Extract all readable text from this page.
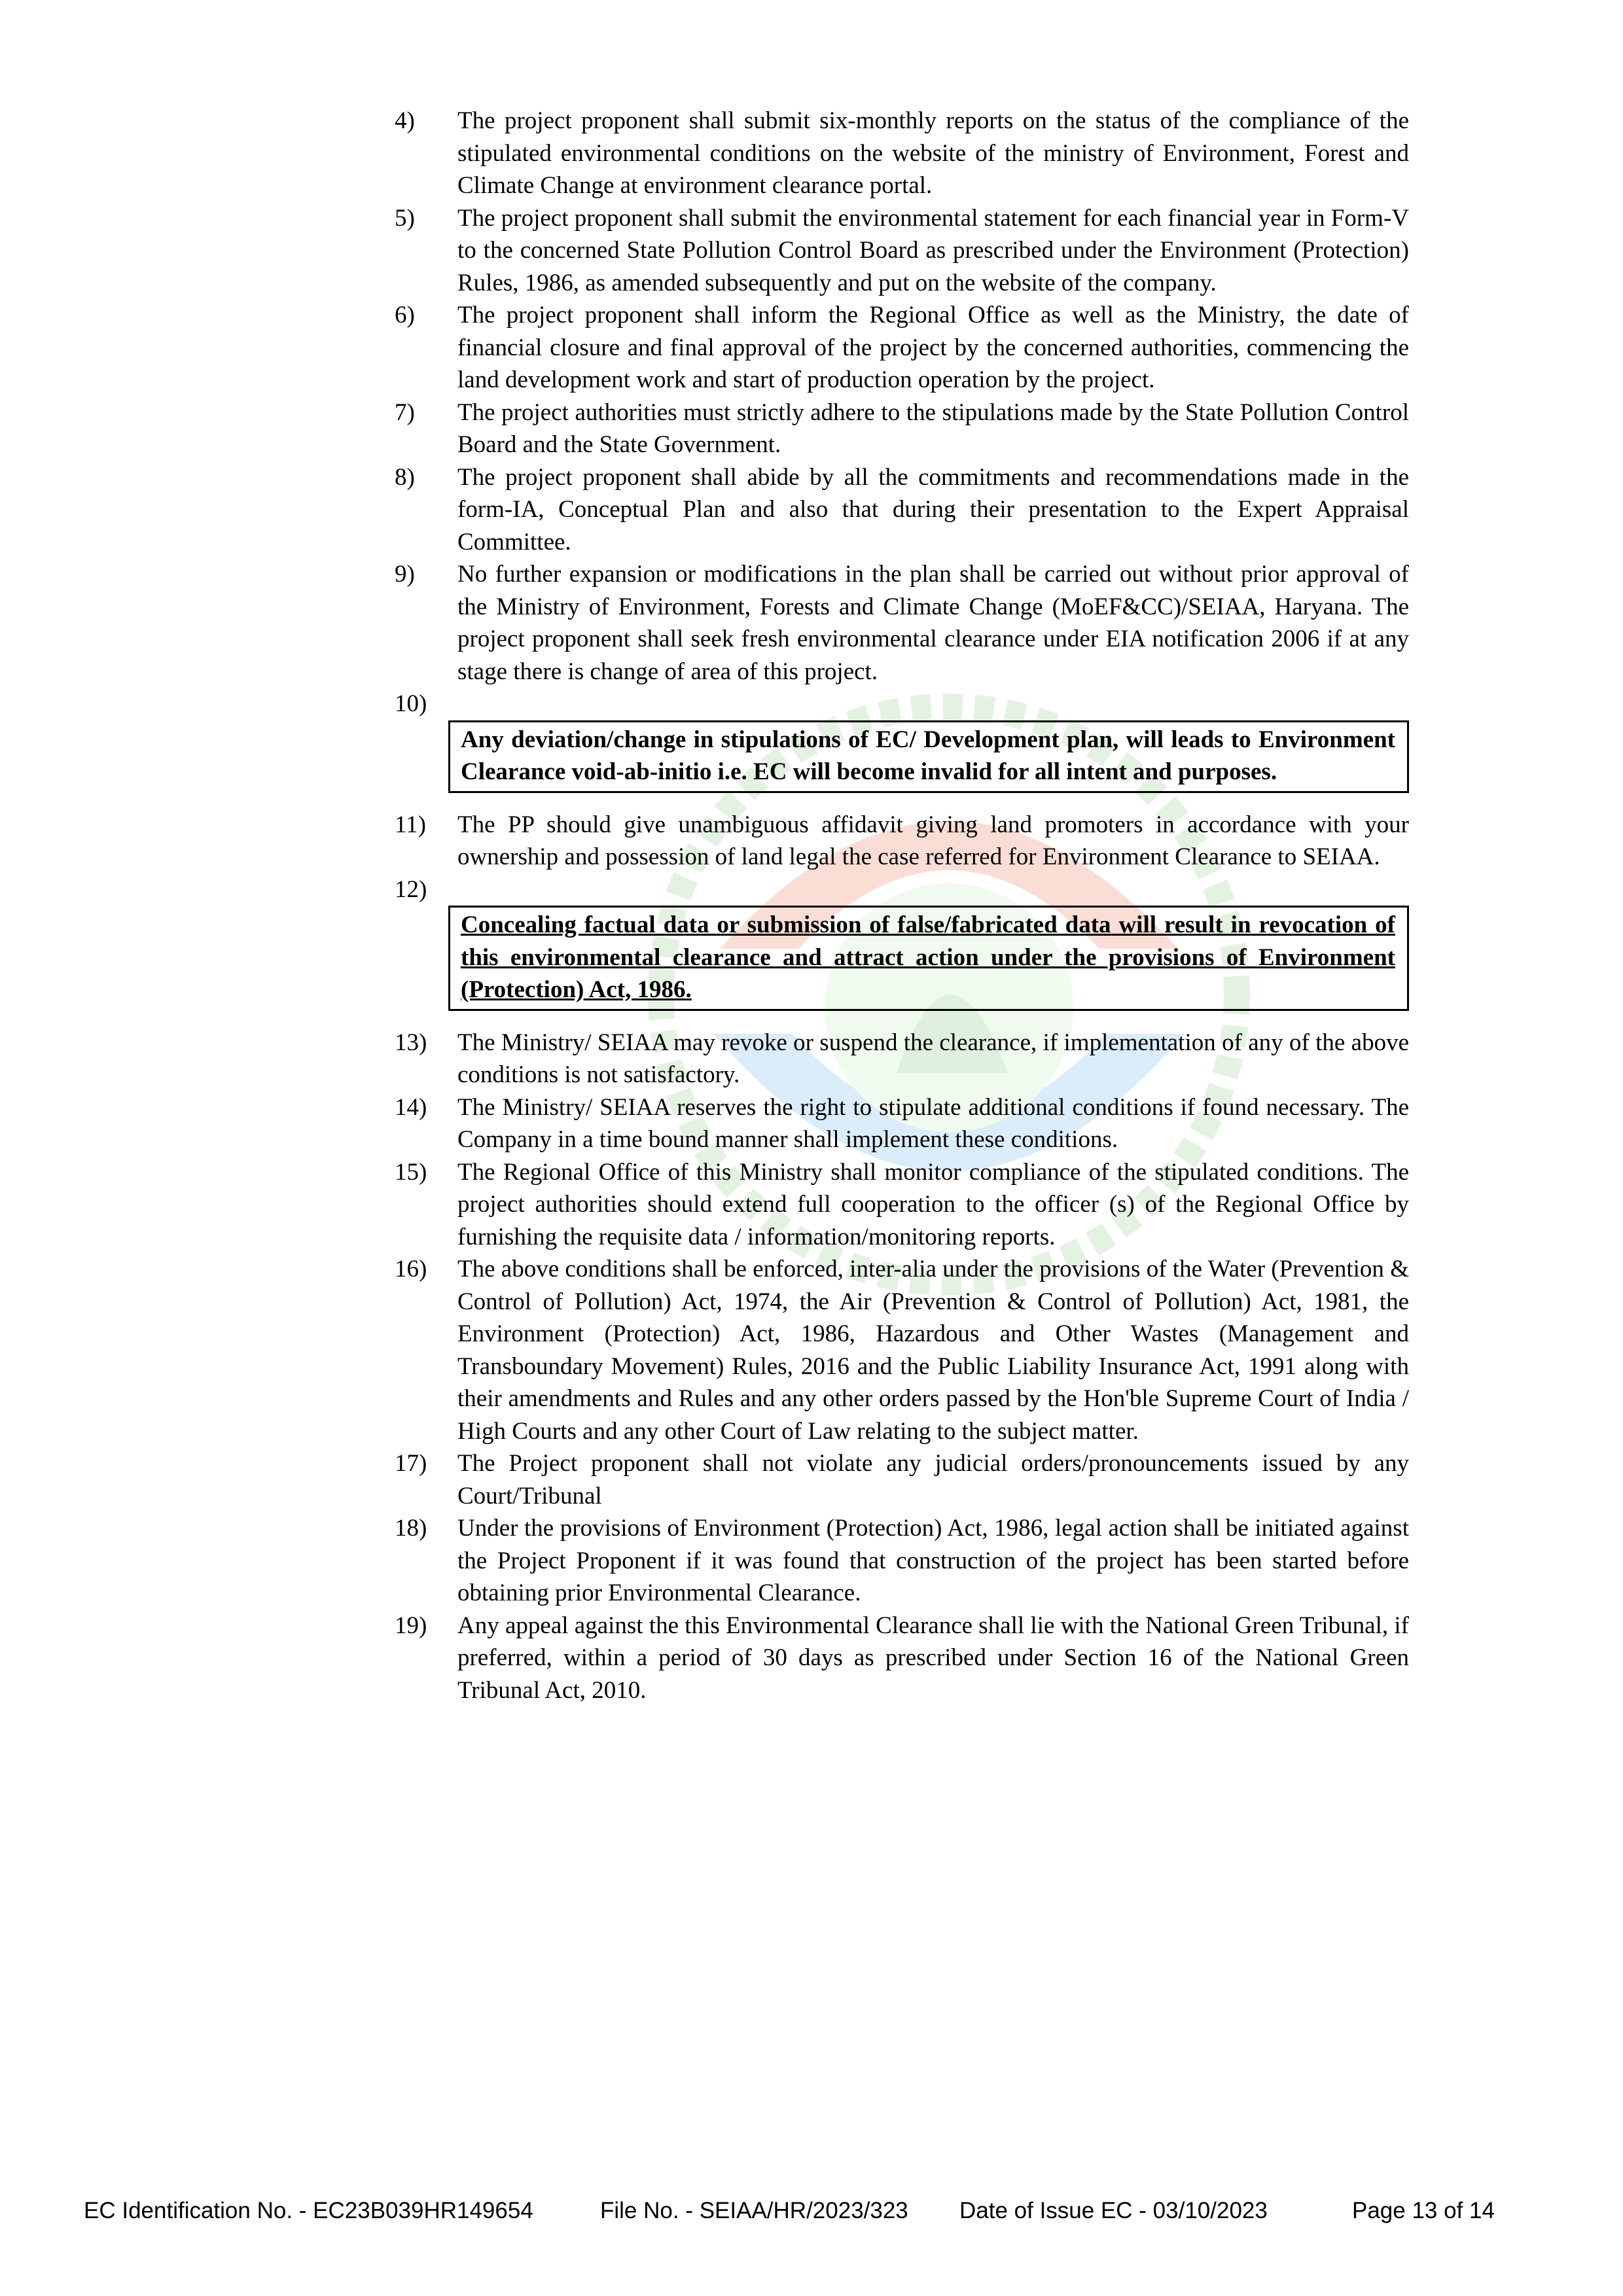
4)	The project proponent shall submit six-monthly reports on the status of the compliance of the stipulated environmental conditions on the website of the ministry of Environment, Forest and Climate Change at environment clearance portal.
5)	The project proponent shall submit the environmental statement for each financial year in Form-V to the concerned State Pollution Control Board as prescribed under the Environment (Protection) Rules, 1986, as amended subsequently and put on the website of the company.
6)	The project proponent shall inform the Regional Office as well as the Ministry, the date of financial closure and final approval of the project by the concerned authorities, commencing the land development work and start of production operation by the project.
7)	The project authorities must strictly adhere to the stipulations made by the State Pollution Control Board and the State Government.
8)	The project proponent shall abide by all the commitments and recommendations made in the form-IA, Conceptual Plan and also that during their presentation to the Expert Appraisal Committee.
9)	No further expansion or modifications in the plan shall be carried out without prior approval of the Ministry of Environment, Forests and Climate Change (MoEF&CC)/SEIAA, Haryana. The project proponent shall seek fresh environmental clearance under EIA notification 2006 if at any stage there is change of area of this project.
10)
Any deviation/change in stipulations of EC/ Development plan, will leads to Environment Clearance void-ab-initio i.e. EC will become invalid for all intent and purposes.
11)	The PP should give unambiguous affidavit giving land promoters in accordance with your ownership and possession of land legal the case referred for Environment Clearance to SEIAA.
12)
Concealing factual data or submission of false/fabricated data will result in revocation of this environmental clearance and attract action under the provisions of Environment (Protection) Act, 1986.
13)	The Ministry/ SEIAA may revoke or suspend the clearance, if implementation of any of the above conditions is not satisfactory.
14)	The Ministry/ SEIAA reserves the right to stipulate additional conditions if found necessary. The Company in a time bound manner shall implement these conditions.
15)	The Regional Office of this Ministry shall monitor compliance of the stipulated conditions. The project authorities should extend full cooperation to the officer (s) of the Regional Office by furnishing the requisite data / information/monitoring reports.
16)	The above conditions shall be enforced, inter-alia under the provisions of the Water (Prevention & Control of Pollution) Act, 1974, the Air (Prevention & Control of Pollution) Act, 1981, the Environment (Protection) Act, 1986, Hazardous and Other Wastes (Management and Transboundary Movement) Rules, 2016 and the Public Liability Insurance Act, 1991 along with their amendments and Rules and any other orders passed by the Hon'ble Supreme Court of India / High Courts and any other Court of Law relating to the subject matter.
17)	The Project proponent shall not violate any judicial orders/pronouncements issued by any Court/Tribunal
18)	Under the provisions of Environment (Protection) Act, 1986, legal action shall be initiated against the Project Proponent if it was found that construction of the project has been started before obtaining prior Environmental Clearance.
19)	Any appeal against the this Environmental Clearance shall lie with the National Green Tribunal, if preferred, within a period of 30 days as prescribed under Section 16 of the National Green Tribunal Act, 2010.
EC Identification No. - EC23B039HR149654	File No. - SEIAA/HR/2023/323 Date of Issue EC - 03/10/2023	Page 13 of 14
